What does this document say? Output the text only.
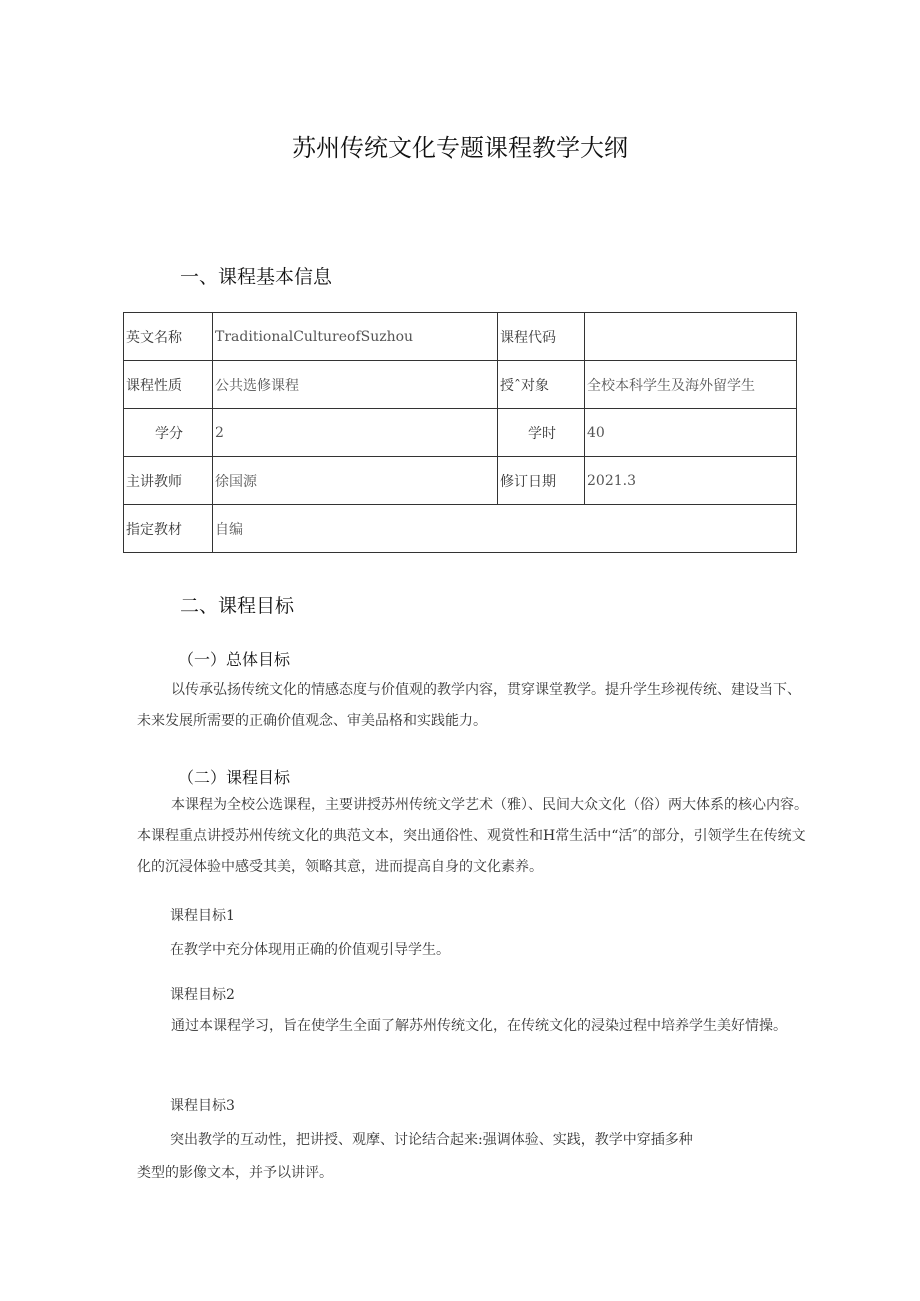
苏州传统文化专题课程教学大纲
一、课程基本信息
英文名称	TraditionalCultureofSuzhou	课程代码	
课程性质	公共选修课程	授ˆ对象	全校本科学生及海外留学生
学分	2	学时	40
主讲教师	徐国源	修订日期	2021.3
指定教材	自编		
二、课程目标
（一）总体目标

以传承弘扬传统文化的情感态度与价值观的教学内容，贯穿课堂教学。提升学生珍视传统、建设当下、未来发展所需要的正确价值观念、审美品格和实践能力。

（二）课程目标

本课程为全校公选课程，主要讲授苏州传统文学艺术（雅）、民间大众文化（俗）两大体系的核心内容。本课程重点讲授苏州传统文化的典范文本，突出通俗性、观赏性和Η常生活中“活″的部分，引领学生在传统文化的沉浸体验中感受其美，领略其意，进而提高自身的文化素养。

课程目标1
在教学中充分体现用正确的价值观引导学生。
课程目标2

通过本课程学习，旨在使学生全面了解苏州传统文化，在传统文化的浸染过程中培养学生美好情操。

课程目标3
突出教学的互动性，把讲授、观摩、讨论结合起来:强调体验、实践，教学中穿插多种
类型的影像文本，并予以讲评。
